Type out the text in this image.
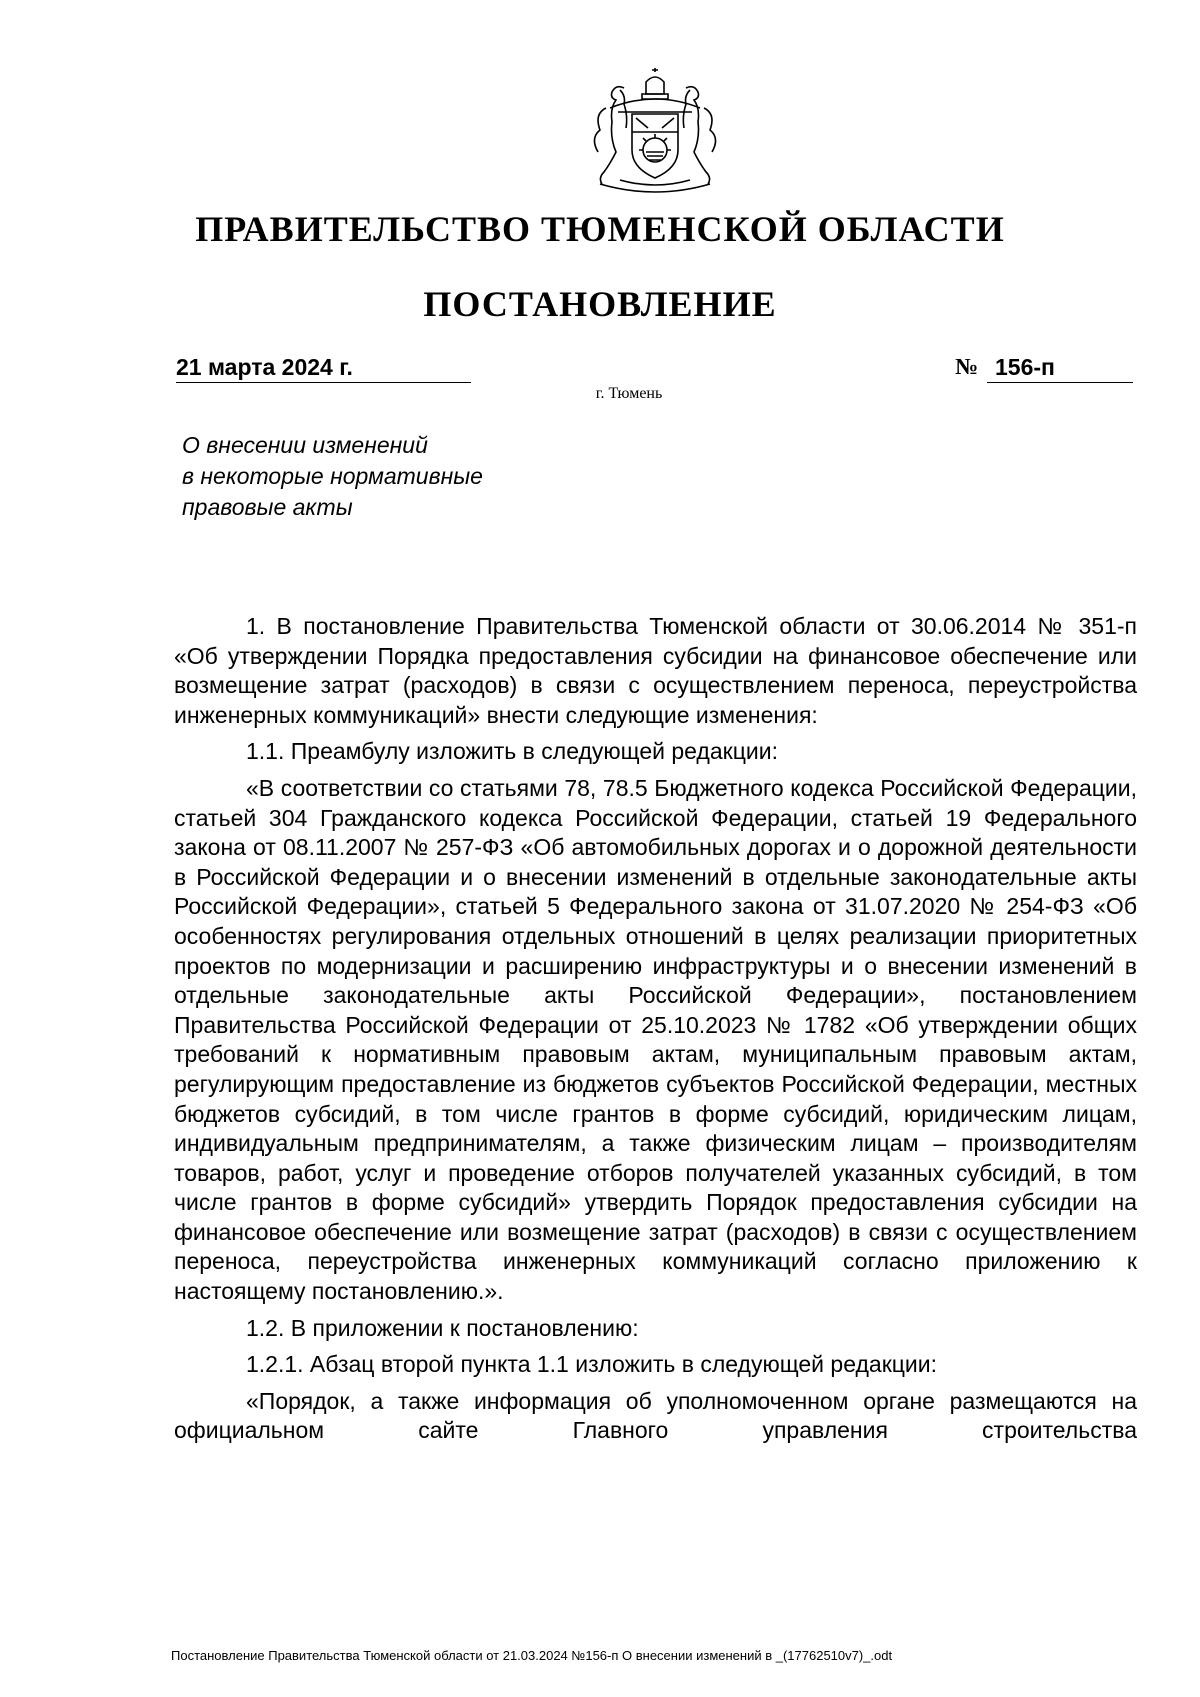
ПРАВИТЕЛЬСТВО ТЮМЕНСКОЙ ОБЛАСТИ
ПОСТАНОВЛЕНИЕ
21 марта 2024 г.	№ 156-п
г. Тюмень
О внесении изменений
в некоторые нормативные
правовые акты

1. В постановление Правительства Тюменской области от 30.06.2014 № 351-п «Об утверждении Порядка предоставления субсидии на финансовое обеспечение или возмещение затрат (расходов) в связи с осуществлением переноса, переустройства инженерных коммуникаций» внести следующие изменения:

1.1. Преамбулу изложить в следующей редакции:

«В соответствии со статьями 78, 78.5 Бюджетного кодекса Российской Федерации, статьей 304 Гражданского кодекса Российской Федерации, статьей 19 Федерального закона от 08.11.2007 № 257-ФЗ «Об автомобильных дорогах и о дорожной деятельности в Российской Федерации и о внесении изменений в отдельные законодательные акты Российской Федерации», статьей 5 Федерального закона от 31.07.2020 № 254-ФЗ «Об особенностях регулирования отдельных отношений в целях реализации приоритетных проектов по модернизации и расширению инфраструктуры и о внесении изменений в отдельные законодательные акты Российской Федерации», постановлением Правительства Российской Федерации от 25.10.2023 № 1782 «Об утверждении общих требований к нормативным правовым актам, муниципальным правовым актам, регулирующим предоставление из бюджетов субъектов Российской Федерации, местных бюджетов субсидий, в том числе грантов в форме субсидий, юридическим лицам, индивидуальным предпринимателям, а также физическим лицам – производителям товаров, работ, услуг и проведение отборов получателей указанных субсидий, в том числе грантов в форме субсидий» утвердить Порядок предоставления субсидии на финансовое обеспечение или возмещение затрат (расходов) в связи с осуществлением переноса, переустройства инженерных коммуникаций согласно приложению к настоящему постановлению.».

1.2. В приложении к постановлению:

1.2.1. Абзац второй пункта 1.1 изложить в следующей редакции:

«Порядок, а также информация об уполномоченном органе размещаются на официальном сайте Главного управления строительства

Постановление Правительства Тюменской области от 21.03.2024 №156-п О внесении изменений в _(17762510v7)_.odt
